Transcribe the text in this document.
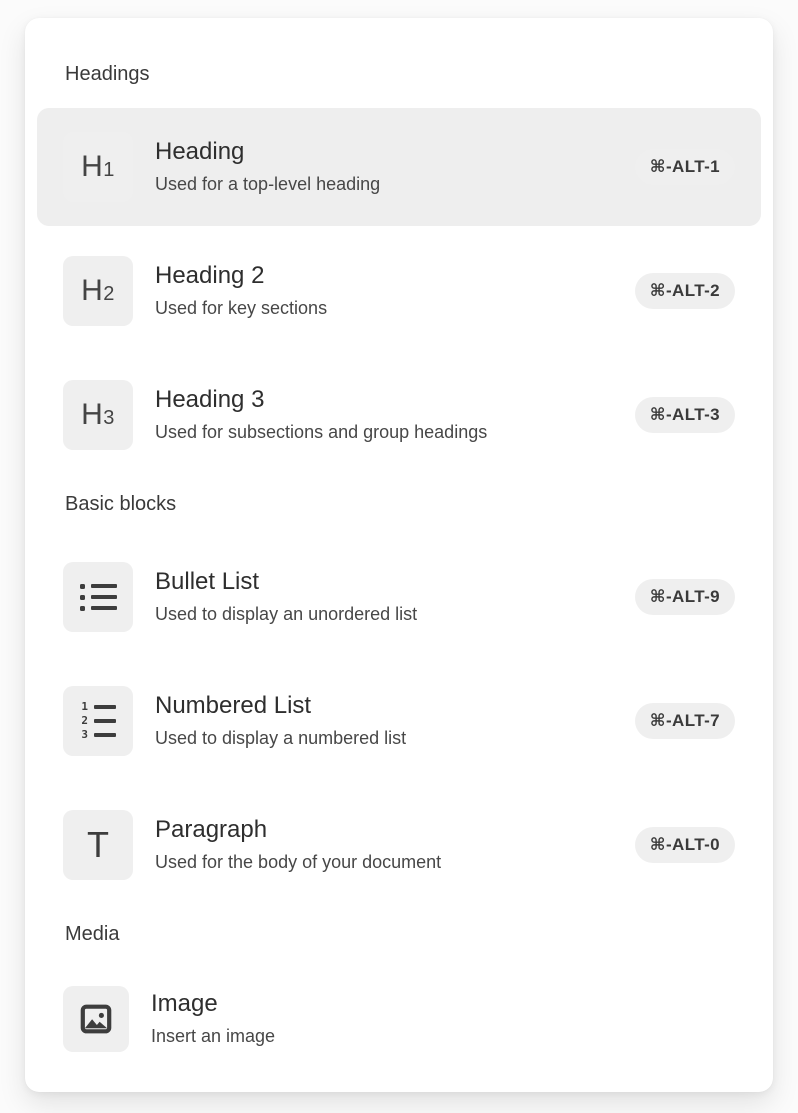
Headings
H1
Heading
Used for a top-level heading
⌘-ALT-1
H2
Heading 2
Used for key sections
⌘-ALT-2
H3
Heading 3
Used for subsections and group headings
⌘-ALT-3
Basic blocks
Bullet List
Used to display an unordered list
⌘-ALT-9
1
2
3
Numbered List
Used to display a numbered list
⌘-ALT-7
T Paragraph
Used for the body of your document
⌘-ALT-0
Media
Image
Insert an image
